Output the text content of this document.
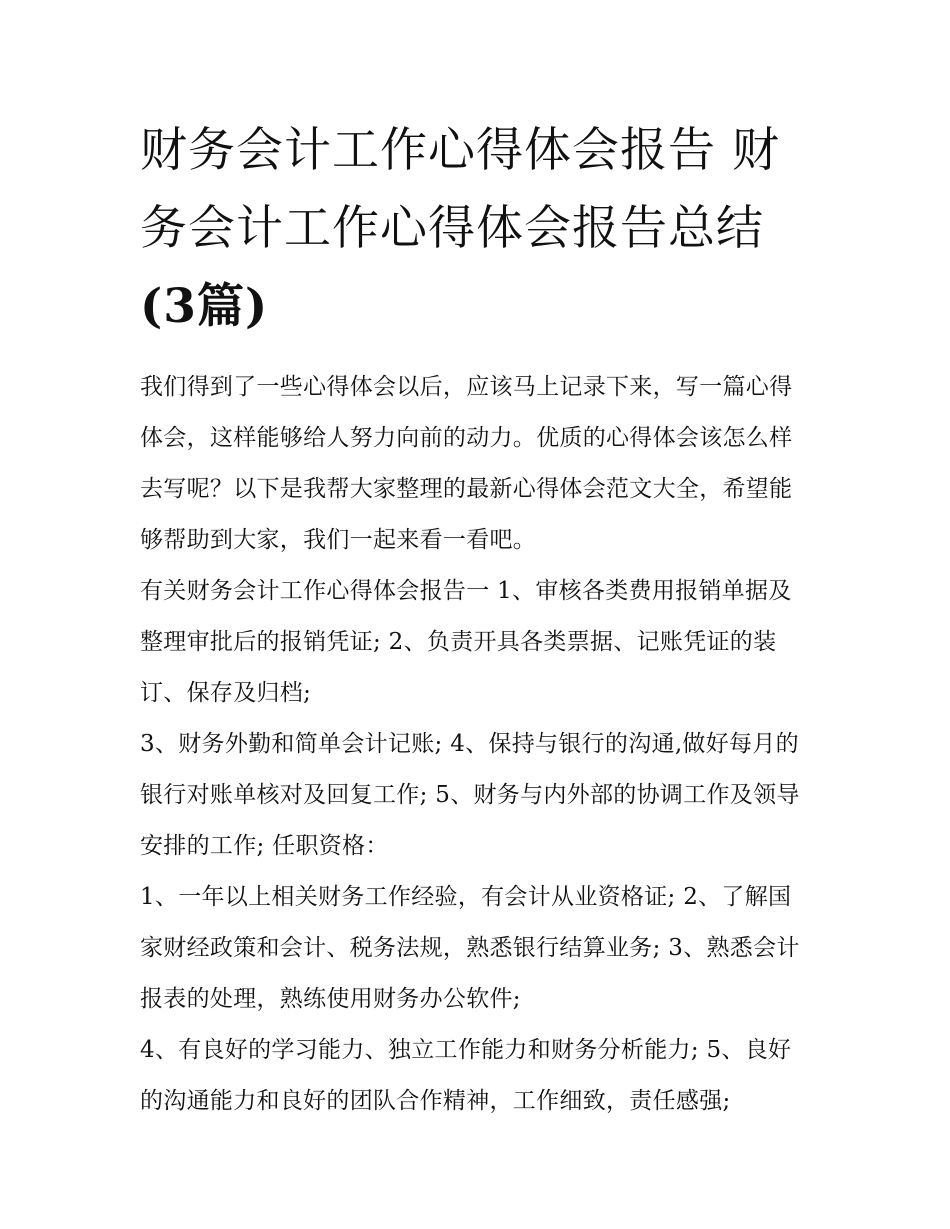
财务会计工作心得体会报告 财务会计工作心得体会报告总结 (3篇)

我们得到了一些心得体会以后，应该马上记录下来，写一篇心得体会，这样能够给人努力向前的动力。优质的心得体会该怎么样去写呢？以下是我帮大家整理的最新心得体会范文大全，希望能够帮助到大家，我们一起来看一看吧。

有关财务会计工作心得体会报告一 1、审核各类费用报销单据及整理审批后的报销凭证; 2、负责开具各类票据、记账凭证的装订、保存及归档;

3、财务外勤和简单会计记账; 4、保持与银行的沟通,做好每月的银行对账单核对及回复工作; 5、财务与内外部的协调工作及领导安排的工作; 任职资格：

1、一年以上相关财务工作经验，有会计从业资格证; 2、了解国家财经政策和会计、税务法规，熟悉银行结算业务; 3、熟悉会计报表的处理，熟练使用财务办公软件;

4、有良好的学习能力、独立工作能力和财务分析能力; 5、良好的沟通能力和良好的团队合作精神，工作细致，责任感强;
